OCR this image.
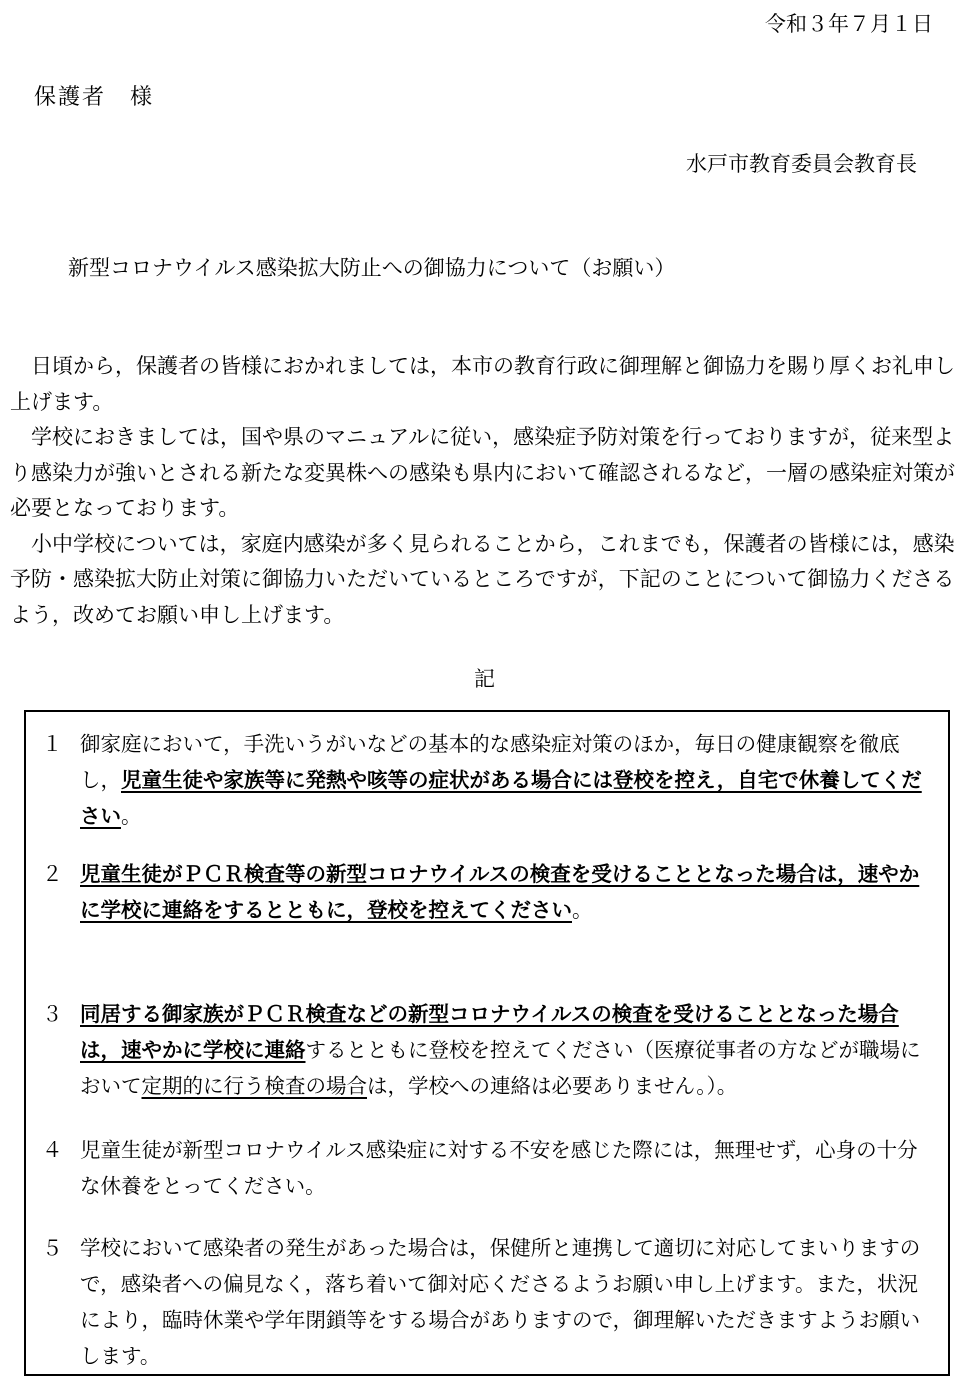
令和３年７月１日
保護者　様
水戸市教育委員会教育長
新型コロナウイルス感染拡大防止への御協力について（お願い）

日頃から，保護者の皆様におかれましては，本市の教育行政に御理解と御協力を賜り厚くお礼申し上げます。

学校におきましては，国や県のマニュアルに従い，感染症予防対策を行っておりますが，従来型より感染力が強いとされる新たな変異株への感染も県内において確認されるなど，一層の感染症対策が必要となっております。

小中学校については，家庭内感染が多く見られることから，これまでも，保護者の皆様には，感染予防・感染拡大防止対策に御協力いただいているところですが，下記のことについて御協力くださるよう，改めてお願い申し上げます。

記
１ 御家庭において，手洗いうがいなどの基本的な感染症対策のほか，毎日の健康観察を徹底し，児童生徒や家族等に発熱や咳等の症状がある場合には登校を控え，自宅で休養してください。
２ 児童生徒がＰＣＲ検査等の新型コロナウイルスの検査を受けることとなった場合は，速やかに学校に連絡をするとともに，登校を控えてください。
３ 同居する御家族がＰＣＲ検査などの新型コロナウイルスの検査を受けることとなった場合は，速やかに学校に連絡するとともに登校を控えてください（医療従事者の方などが職場において定期的に行う検査の場合は，学校への連絡は必要ありません。）。
４ 児童生徒が新型コロナウイルス感染症に対する不安を感じた際には，無理せず，心身の十分な休養をとってください。
５ 学校において感染者の発生があった場合は，保健所と連携して適切に対応してまいりますので，感染者への偏見なく，落ち着いて御対応くださるようお願い申し上げます。また，状況により，臨時休業や学年閉鎖等をする場合がありますので，御理解いただきますようお願いします。
